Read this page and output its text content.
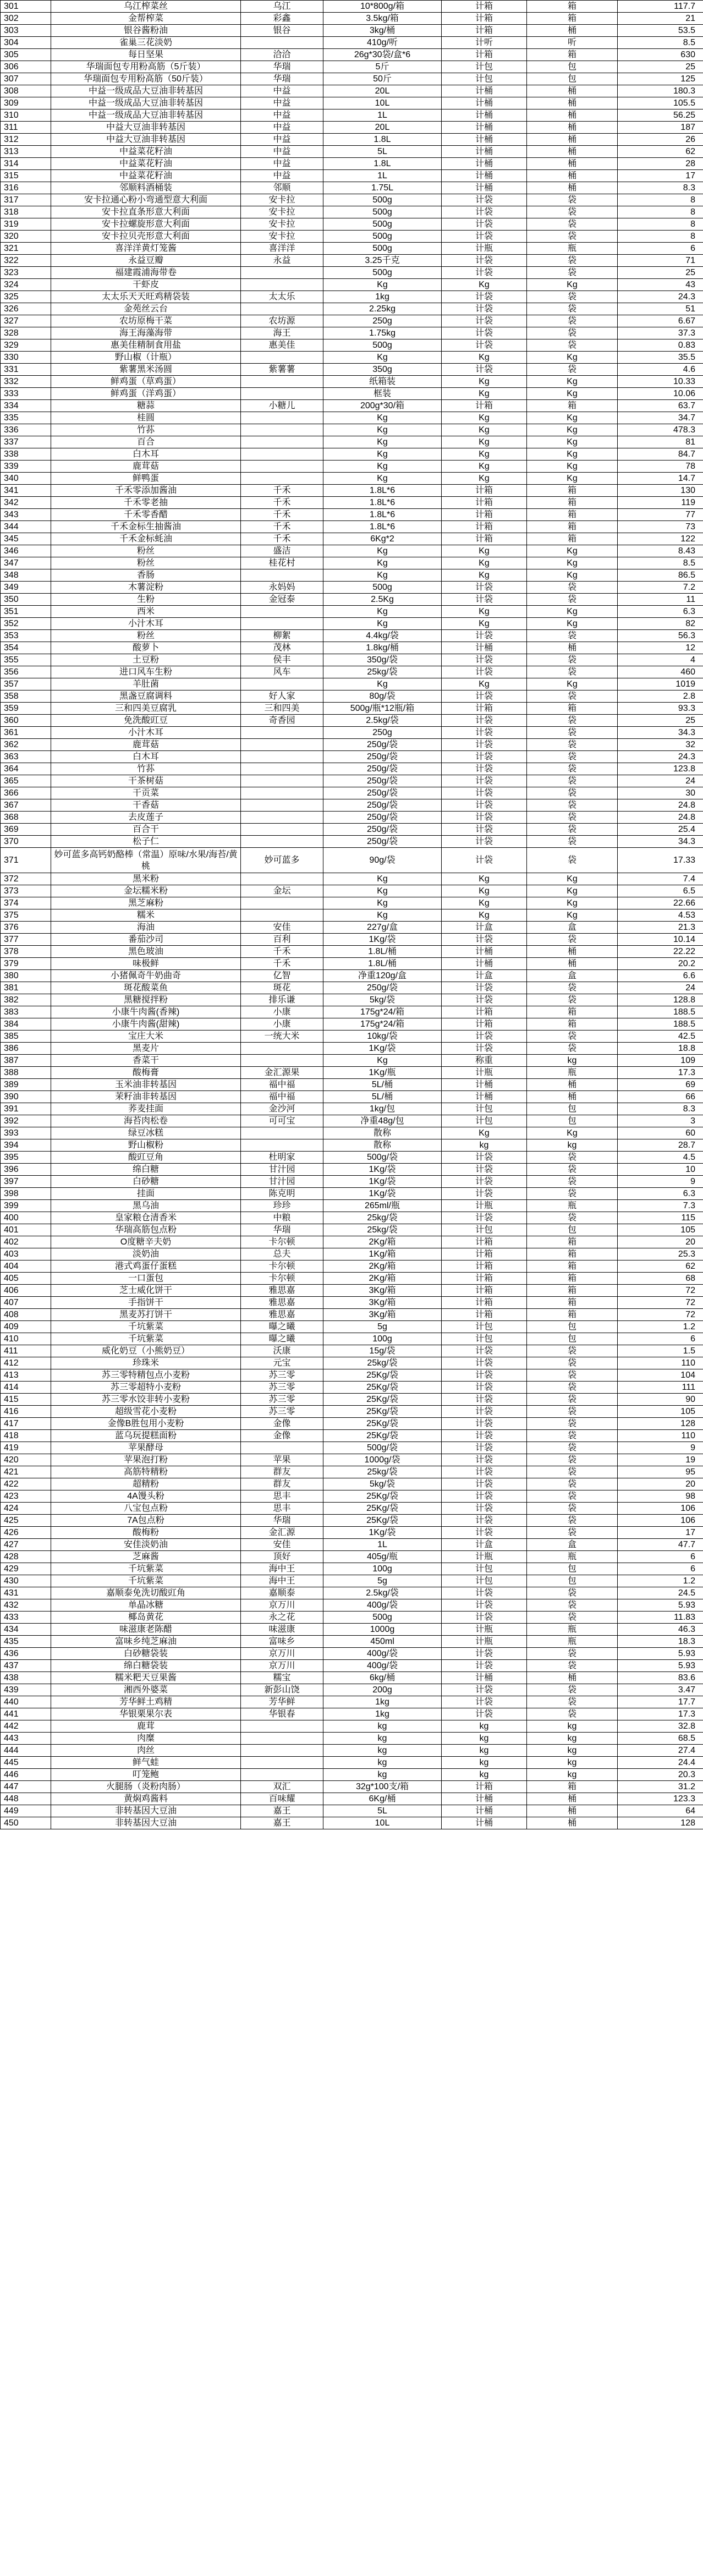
301	乌江榨菜丝	乌江	10*800g/箱	计箱	箱	117.7
302	金帮榨菜	彩鑫	3.5kg/箱	计箱	箱	21
303	银谷酱粉油	银谷	3kg/桶	计箱	桶	53.5
304	雀巢三花淡奶		410g/听	计听	听	8.5
305	每日坚果	洽洽	26g*30袋/盒*6	计箱	箱	630
306	华瑞面包专用粉高筋（5斤装）	华瑞	5斤	计包	包	25
307	华瑞面包专用粉高筋（50斤装）	华瑞	50斤	计包	包	125
308	中益一级成品大豆油非转基因	中益	20L	计桶	桶	180.3
309	中益一级成品大豆油非转基因	中益	10L	计桶	桶	105.5
310	中益一级成品大豆油非转基因	中益	1L	计桶	桶	56.25
311	中益大豆油非转基因	中益	20L	计桶	桶	187
312	中益大豆油非转基因	中益	1.8L	计桶	桶	26
313	中益菜花籽油	中益	5L	计桶	桶	62
314	中益菜花籽油	中益	1.8L	计桶	桶	28
315	中益菜花籽油	中益	1L	计桶	桶	17
316	邻顺料酒桶装	邻顺	1.75L	计桶	桶	8.3
317	安卡拉通心粉小弯通型意大利面	安卡拉	500g	计袋	袋	8
318	安卡拉直条形意大利面	安卡拉	500g	计袋	袋	8
319	安卡拉螺旋形意大利面	安卡拉	500g	计袋	袋	8
320	安卡拉贝壳形意大利面	安卡拉	500g	计袋	袋	8
321	喜洋洋黄灯笼酱	喜洋洋	500g	计瓶	瓶	6
322	永益豆瓣	永益	3.25千克	计袋	袋	71
323	福建霞浦海带卷		500g	计袋	袋	25
324	干虾皮		Kg	Kg	Kg	43
325	太太乐天天旺鸡精袋装	太太乐	1kg	计袋	袋	24.3
326	金苑丝云台		2.25kg	计袋	袋	51
327	农坊原梅干菜	农坊源	250g	计袋	袋	6.67
328	海王海藻海带	海王	1.75kg	计袋	袋	37.3
329	惠美佳精制食用盐	惠美佳	500g	计袋	袋	0.83
330	野山椒（计瓶）		Kg	Kg	Kg	35.5
331	紫薯黑米汤圆	紫薯薯	350g	计袋	袋	4.6
332	鲜鸡蛋（草鸡蛋）		纸箱装	Kg	Kg	10.33
333	鲜鸡蛋（洋鸡蛋）		框装	Kg	Kg	10.06
334	糖蒜	小糖儿	200g*30/箱	计箱	箱	63.7
335	桂圆		Kg	Kg	Kg	34.7
336	竹荪		Kg	Kg	Kg	478.3
337	百合		Kg	Kg	Kg	81
338	白木耳		Kg	Kg	Kg	84.7
339	鹿茸菇		Kg	Kg	Kg	78
340	鲜鸭蛋		Kg	Kg	Kg	14.7
341	千禾零添加酱油	千禾	1.8L*6	计箱	箱	130
342	千禾零老抽	千禾	1.8L*6	计箱	箱	119
343	千禾零香醋	千禾	1.8L*6	计箱	箱	77
344	千禾金标生抽酱油	千禾	1.8L*6	计箱	箱	73
345	千禾金标蚝油	千禾	6Kg*2	计箱	箱	122
346	粉丝	盛洁	Kg	Kg	Kg	8.43
347	粉丝	桂花村	Kg	Kg	Kg	8.5
348	香肠		Kg	Kg	Kg	86.5
349	木薯淀粉	永妈妈	500g	计袋	袋	7.2
350	生粉	金冠泰	2.5Kg	计袋	袋	11
351	西米		Kg	Kg	Kg	6.3
352	小汁木耳		Kg	Kg	Kg	82
353	粉丝	柳絮	4.4kg/袋	计袋	袋	56.3
354	酸萝卜	茂林	1.8kg/桶	计桶	桶	12
355	土豆粉	侯丰	350g/袋	计袋	袋	4
356	进口风车生粉	风车	25kg/袋	计袋	袋	460
357	羊肚菌		Kg	Kg	Kg	1019
358	黑盏豆腐调料	好人家	80g/袋	计袋	袋	2.8
359	三和四美豆腐乳	三和四美	500g/瓶*12瓶/箱	计箱	箱	93.3
360	免洗酸豇豆	奇香园	2.5kg/袋	计袋	袋	25
361	小汁木耳		250g	计袋	袋	34.3
362	鹿茸菇		250g/袋	计袋	袋	32
363	白木耳		250g/袋	计袋	袋	24.3
364	竹荪		250g/袋	计袋	袋	123.8
365	干茶树菇		250g/袋	计袋	袋	24
366	干贡菜		250g/袋	计袋	袋	30
367	干香菇		250g/袋	计袋	袋	24.8
368	去皮莲子		250g/袋	计袋	袋	24.8
369	百合干		250g/袋	计袋	袋	25.4
370	松子仁		250g/袋	计袋	袋	34.3
371	妙可蓝多高钙奶酪棒（常温）原味/水果/海苔/黄桃	妙可蓝多	90g/袋	计袋	袋	17.33
372	黑米粉		Kg	Kg	Kg	7.4
373	金坛糯米粉	金坛	Kg	Kg	Kg	6.5
374	黑芝麻粉		Kg	Kg	Kg	22.66
375	糯米		Kg	Kg	Kg	4.53
376	海油	安佳	227g/盒	计盒	盒	21.3
377	番茄沙司	百利	1Kg/袋	计袋	袋	10.14
378	黑色玻油	千禾	1.8L/桶	计桶	桶	22.22
379	味极鲜	千禾	1.8L/桶	计桶	桶	20.2
380	小猪佩奇牛奶曲奇	亿智	净重120g/盒	计盒	盒	6.6
381	斑花酸菜鱼	斑花	250g/袋	计袋	袋	24
382	黑糖搅拌粉	排乐谦	5kg/袋	计袋	袋	128.8
383	小康牛肉酱(香辣)	小康	175g*24/箱	计箱	箱	188.5
384	小康牛肉酱(甜辣)	小康	175g*24/箱	计箱	箱	188.5
385	宝庄大米	一统大米	10kg/袋	计袋	袋	42.5
386	黑麦片		1Kg/袋	计袋	袋	18.8
387	香菜干		Kg	称重	kg	109
388	酸梅膏	金汇源果	1Kg/瓶	计瓶	瓶	17.3
389	玉米油非转基因	福中福	5L/桶	计桶	桶	69
390	茉籽油非转基因	福中福	5L/桶	计桶	桶	66
391	荞麦挂面	金沙河	1kg/包	计包	包	8.3
392	海苔肉松卷	可可宝	净重48g/包	计包	包	3
393	绿豆冰糕		散称	Kg	Kg	60
394	野山椒粉		散称	kg	kg	28.7
395	酸豇豆角	杜明家	500g/袋	计袋	袋	4.5
396	绵白糖	甘汁园	1Kg/袋	计袋	袋	10
397	白砂糖	甘汁园	1Kg/袋	计袋	袋	9
398	挂面	陈克明	1Kg/袋	计袋	袋	6.3
399	黑乌油	珍珍	265ml/瓶	计瓶	瓶	7.3
400	皇家粮仓清香米	中粮	25kg/袋	计袋	袋	115
401	华瑞高筋包点粉	华瑞	25kg/袋	计包	包	105
402	O度糖辛夫奶	卡尔顿	2Kg/箱	计箱	箱	20
403	淡奶油	总夫	1Kg/箱	计箱	箱	25.3
404	港式鸡蛋仔蛋糕	卡尔顿	2Kg/箱	计箱	箱	62
405	一口蛋包	卡尔顿	2Kg/箱	计箱	箱	68
406	芝士威化饼干	雅思嘉	3Kg/箱	计箱	箱	72
407	手指饼干	雅思嘉	3Kg/箱	计箱	箱	72
408	黑麦苏打饼干	雅思嘉	3Kg/箱	计箱	箱	72
409	千坑紫菜	曝之曦	5g	计包	包	1.2
410	千坑紫菜	曝之曦	100g	计包	包	6
411	威化奶豆（小熊奶豆）	沃康	15g/袋	计袋	袋	1.5
412	珍珠米	元宝	25kg/袋	计袋	袋	110
413	苏三零特精包点小麦粉	苏三零	25Kg/袋	计袋	袋	104
414	苏三零超特小麦粉	苏三零	25Kg/袋	计袋	袋	111
415	苏三零水饺非转小麦粉	苏三零	25Kg/袋	计袋	袋	90
416	超级雪花小麦粉	苏三零	25Kg/袋	计袋	袋	105
417	金像B胜包用小麦粉	金像	25Kg/袋	计袋	袋	128
418	蓝乌玩提糕面粉	金像	25Kg/袋	计袋	袋	110
419	苹果酵母		500g/袋	计袋	袋	9
420	苹果泡打粉	苹果	1000g/袋	计袋	袋	19
421	高筋特精粉	群友	25kg/袋	计袋	袋	95
422	超精粉	群友	5kg/袋	计袋	袋	20
423	4A馒头粉	思丰	25Kg/袋	计袋	袋	98
424	八宝包点粉	思丰	25Kg/袋	计袋	袋	106
425	7A包点粉	华瑞	25Kg/袋	计袋	袋	106
426	酸梅粉	金汇源	1Kg/袋	计袋	袋	17
427	安佳淡奶油	安佳	1L	计盒	盒	47.7
428	芝麻酱	顶好	405g/瓶	计瓶	瓶	6
429	千坑紫菜	海中王	100g	计包	包	6
430	千坑紫菜	海中王	5g	计包	包	1.2
431	嘉顺泰免洗切酸豇角	嘉顺泰	2.5kg/袋	计袋	袋	24.5
432	单晶冰糖	京万川	400g/袋	计袋	袋	5.93
433	椰岛黄花	永之花	500g	计袋	袋	11.83
434	味滋康老陈醋	味滋康	1000g	计瓶	瓶	46.3
435	富味乡纯芝麻油	富味乡	450ml	计瓶	瓶	18.3
436	白砂糖袋装	京万川	400g/袋	计袋	袋	5.93
437	绵白糖袋装	京万川	400g/袋	计袋	袋	5.93
438	糯米粑天豆果酱	糯宝	6kg/桶	计桶	桶	83.6
439	湘西外婆菜	新彭山饶	200g	计袋	袋	3.47
440	芳华鲜土鸡精	芳华鲜	1kg	计袋	袋	17.7
441	华银栗果尔表	华银春	1kg	计袋	袋	17.3
442	鹿茸		kg	kg	kg	32.8
443	肉糜		kg	kg	kg	68.5
444	肉丝		kg	kg	kg	27.4
445	鲜气蛙		kg	kg	kg	24.4
446	叮笼鲍		kg	kg	kg	20.3
447	火腿肠（炎粉肉肠）	双汇	32g*100支/箱	计箱	箱	31.2
448	黄焖鸡酱料	百味耀	6Kg/桶	计桶	桶	123.3
449	非转基因大豆油	嘉王	5L	计桶	桶	64
450	非转基因大豆油	嘉王	10L	计桶	桶	128
